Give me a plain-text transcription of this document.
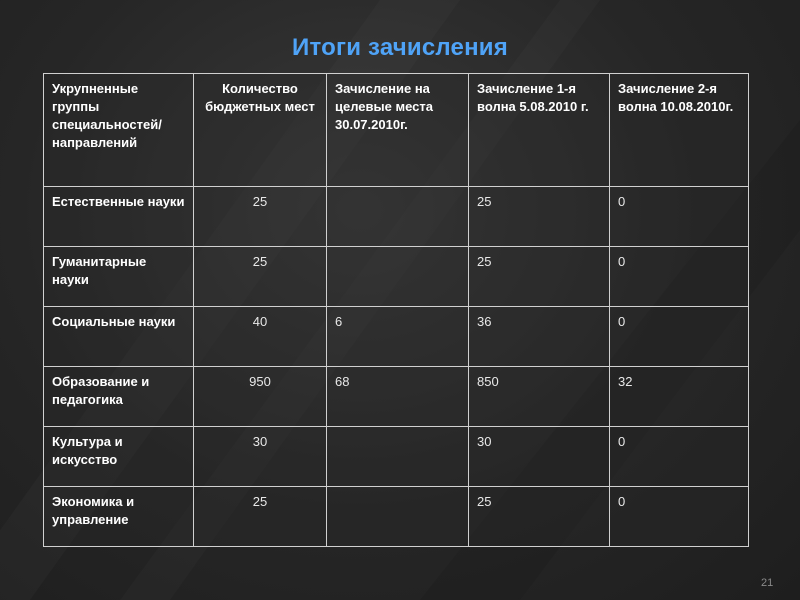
Итоги зачисления
Укрупненные группы специальностей/ направлений	Количество бюджетных мест	Зачисление на целевые места 30.07.2010г.	Зачисление 1-я волна 5.08.2010 г.	Зачисление 2-я волна 10.08.2010г.
Естественные науки	25		25	0
Гуманитарные науки	25		25	0
Социальные науки	40	6	36	0
Образование и педагогика	950	68	850	32
Культура и искусство	30		30	0
Экономика и управление	25		25	0
21
